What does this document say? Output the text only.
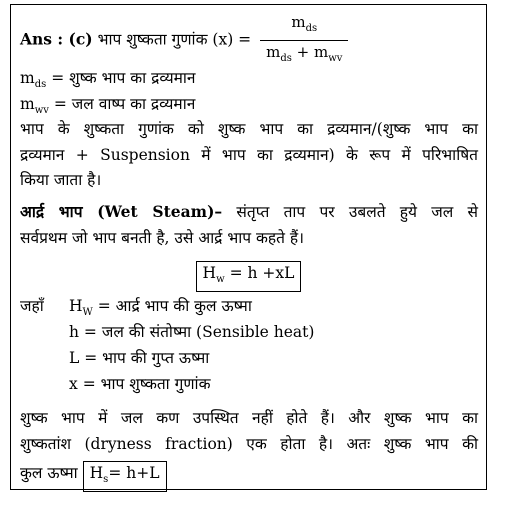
Ans : (c) भाप शुष्कता गुणांक $(x) = \frac{m_{ds}}{m_{ds} + m_{wv}}$
$m_{ds}$ = शुष्क भाप का द्रव्यमान
$m_{wv}$ = जल वाष्प का द्रव्यमान
भाप के शुष्कता गुणांक को शुष्क भाप का द्रव्यमान/(शुष्क भाप का
द्रव्यमान + Suspension में भाप का द्रव्यमान) के रूप में परिभाषित
किया जाता है।
आर्द्र भाप (Wet Steam)– संतृप्त ताप पर उबलते हुये जल से
सर्वप्रथम जो भाप बनती है, उसे आर्द्र भाप कहते हैं।
$H_w = h +xL$
जहाँ $H_W$ = आर्द्र भाप की कुल ऊष्मा
h = जल की संतोष्मा (Sensible heat)
L = भाप की गुप्त ऊष्मा
x = भाप शुष्कता गुणांक
शुष्क भाप में जल कण उपस्थित नहीं होते हैं। और शुष्क भाप का
शुष्कतांश (dryness fraction) एक होता है। अतः शुष्क भाप की
कुल ऊष्मा $H_s= h+L$
